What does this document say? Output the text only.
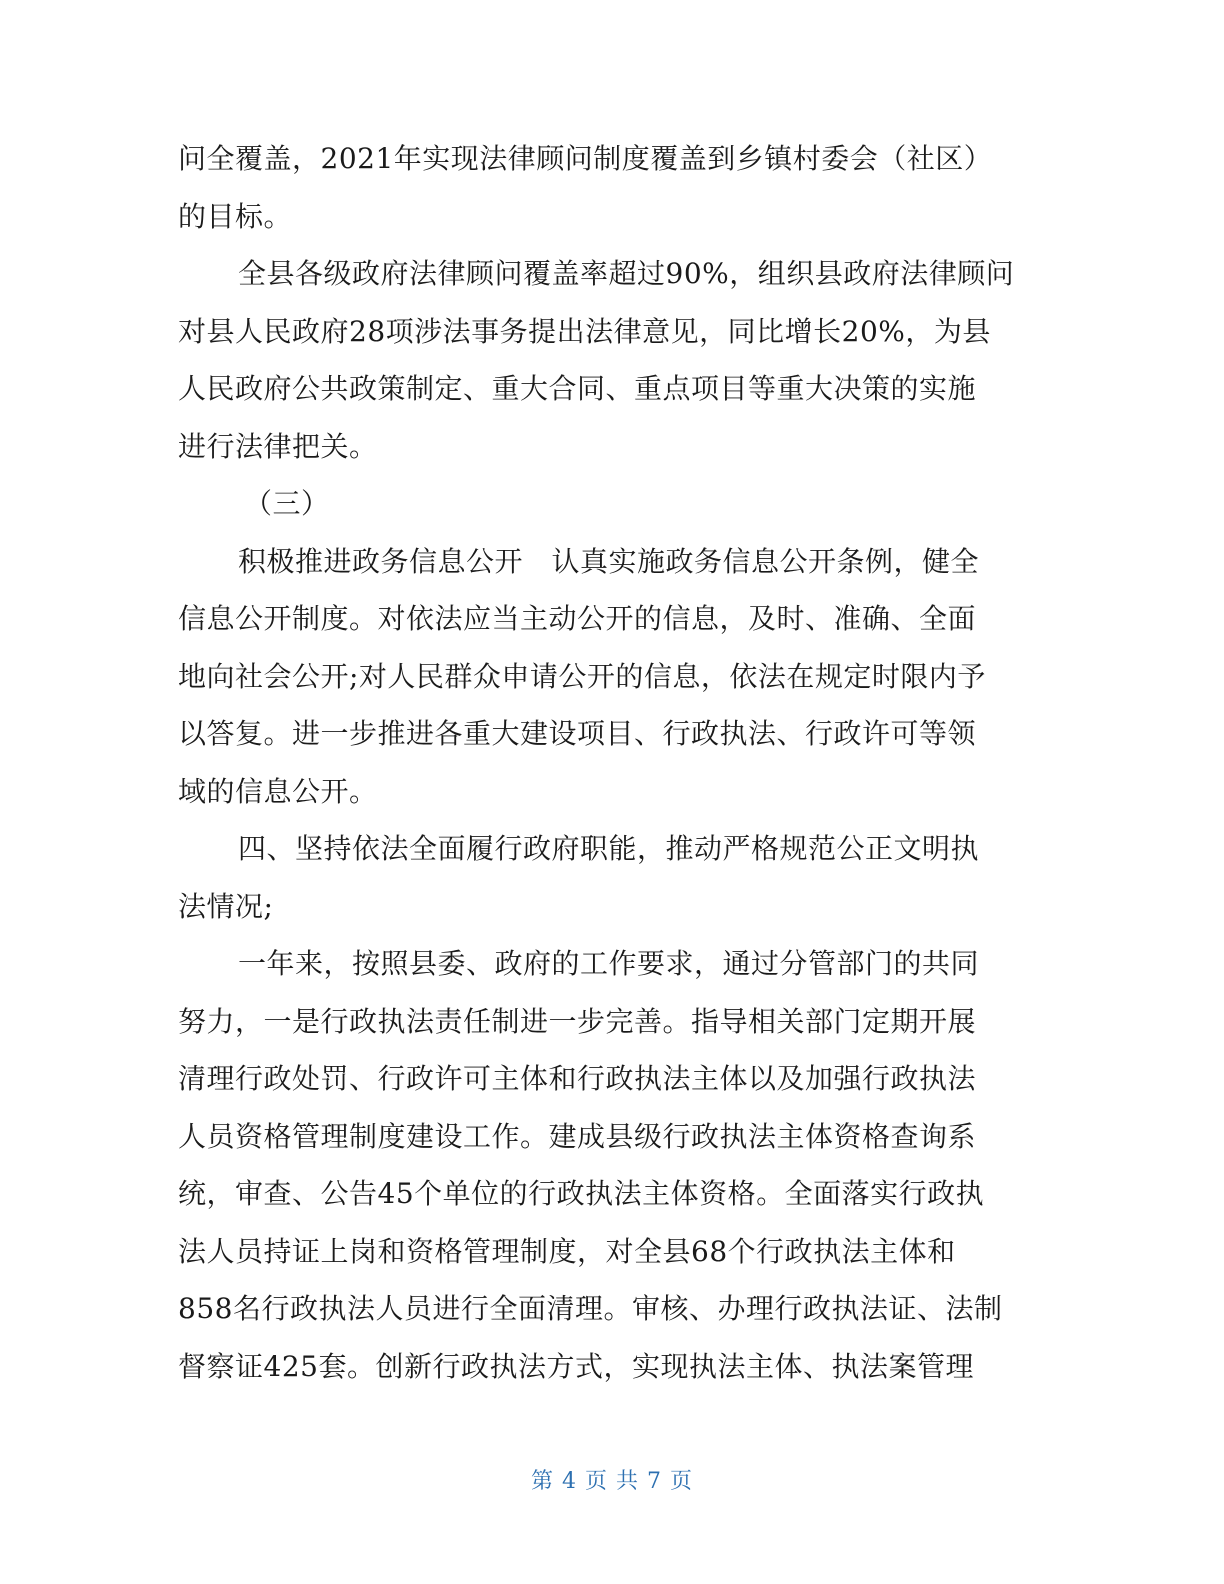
问全覆盖，2021年实现法律顾问制度覆盖到乡镇村委会（社区）
的目标。
全县各级政府法律顾问覆盖率超过90%，组织县政府法律顾问
对县人民政府28项涉法事务提出法律意见，同比增长20%，为县
人民政府公共政策制定、重大合同、重点项目等重大决策的实施
进行法律把关。
（三）
积极推进政务信息公开　认真实施政务信息公开条例，健全
信息公开制度。对依法应当主动公开的信息，及时、准确、全面
地向社会公开;对人民群众申请公开的信息，依法在规定时限内予
以答复。进一步推进各重大建设项目、行政执法、行政许可等领
域的信息公开。
四、坚持依法全面履行政府职能，推动严格规范公正文明执
法情况;
一年来，按照县委、政府的工作要求，通过分管部门的共同
努力，一是行政执法责任制进一步完善。指导相关部门定期开展
清理行政处罚、行政许可主体和行政执法主体以及加强行政执法
人员资格管理制度建设工作。建成县级行政执法主体资格查询系
统，审查、公告45个单位的行政执法主体资格。全面落实行政执
法人员持证上岗和资格管理制度，对全县68个行政执法主体和
858名行政执法人员进行全面清理。审核、办理行政执法证、法制
督察证425套。创新行政执法方式，实现执法主体、执法案管理
第 4 页 共 7 页
